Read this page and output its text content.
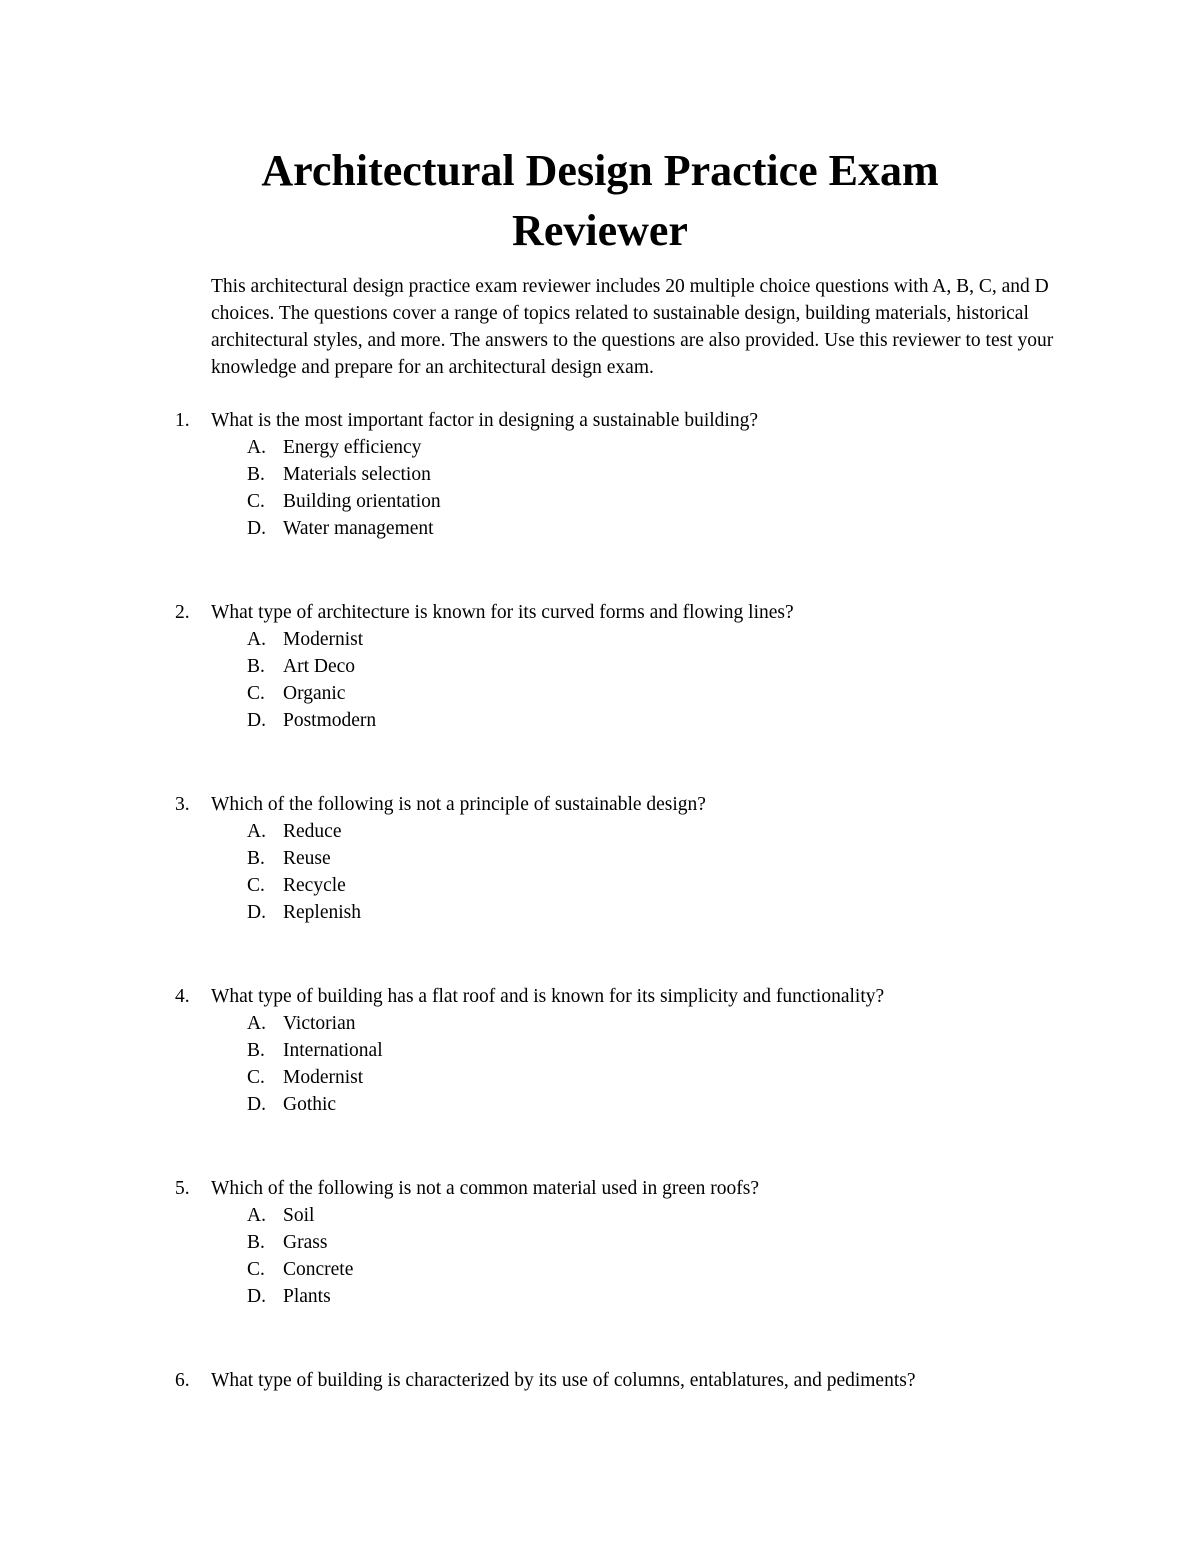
Architectural Design Practice Exam
Reviewer

This architectural design practice exam reviewer includes 20 multiple choice questions with A, B, C, and D choices. The questions cover a range of topics related to sustainable design, building materials, historical architectural styles, and more. The answers to the questions are also provided. Use this reviewer to test your knowledge and prepare for an architectural design exam.

1. What is the most important factor in designing a sustainable building?
A. Energy efficiency
B. Materials selection
C. Building orientation
D. Water management
2. What type of architecture is known for its curved forms and flowing lines?
A. Modernist
B. Art Deco
C. Organic
D. Postmodern
3. Which of the following is not a principle of sustainable design?
A. Reduce
B. Reuse
C. Recycle
D. Replenish
4. What type of building has a flat roof and is known for its simplicity and functionality?
A. Victorian
B. International
C. Modernist
D. Gothic
5. Which of the following is not a common material used in green roofs?
A. Soil
B. Grass
C. Concrete
D. Plants
6. What type of building is characterized by its use of columns, entablatures, and pediments?
